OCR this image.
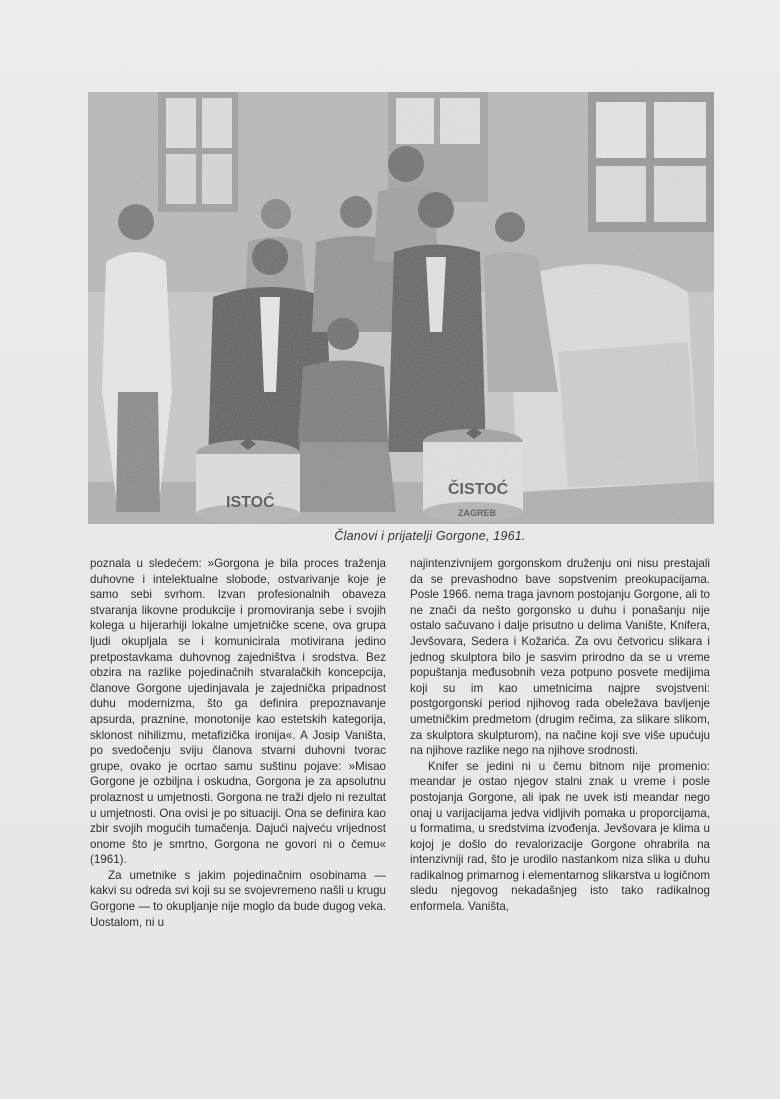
Članovi i prijatelji Gorgone, 1961.

poznala u sledećem: »Gorgona je bila proces traženja duhovne i intelektualne slobode, ostvarivanje koje je samo sebi svrhom. Izvan profesionalnih obaveza stvaranja likovne produkcije i promoviranja sebe i svojih kolega u hijerarhiji lokalne umjetničke scene, ova grupa ljudi okupljala se i komunicirala motivirana jedino pretpostavkama duhovnog zajedništva i srodstva. Bez obzira na razlike pojedinačnih stvaralačkih koncepcija, članove Gorgone ujedinjavala je zajednička pripadnost duhu modernizma, što ga definira prepoznavanje apsurda, praznine, monotonije kao estetskih kategorija, sklonost nihilizmu, metafizička ironija«. A Josip Vaništa, po svedočenju sviju članova stvarni duhovni tvorac grupe, ovako je ocrtao samu suštinu pojave: »Misao Gorgone je ozbiljna i oskudna, Gorgona je za apsolutnu prolaznost u umjetnosti. Gorgona ne traži djelo ni rezultat u umjetnosti. Ona ovisi je po situaciji. Ona se definira kao zbir svojih mogućih tumačenja. Dajući najveću vrijednost onome što je smrtno, Gorgona ne govori ni o čemu« (1961).

Za umetnike s jakim pojedinačnim osobinama — kakvi su odreda svi koji su se svojevremeno našli u krugu Gorgone — to okupljanje nije moglo da bude dugog veka. Uostalom, ni u

najintenzivnijem gorgonskom druženju oni nisu prestajali da se prevashodno bave sopstvenim preokupacijama. Posle 1966. nema traga javnom postojanju Gorgone, ali to ne znači da nešto gorgonsko u duhu i ponašanju nije ostalo sačuvano i dalje prisutno u delima Vanište, Knifera, Jevšovara, Sedera i Kožarića. Za ovu četvoricu slikara i jednog skulptora bilo je sasvim prirodno da se u vreme popuštanja međusobnih veza potpuno posvete medijima koji su im kao umetnicima najpre svojstveni: postgorgonski period njihovog rada obeležava bavljenje umetničkim predmetom (drugim rečima, za slikare slikom, za skulptora skulpturom), na načine koji sve više upućuju na njihove razlike nego na njihove srodnosti.

Knifer se jedini ni u čemu bitnom nije promenio: meandar je ostao njegov stalni znak u vreme i posle postojanja Gorgone, ali ipak ne uvek isti meandar nego onaj u varijacijama jedva vidljivih pomaka u proporcijama, u formatima, u sredstvima izvođenja. Jevšovara je klima u kojoj je došlo do revalorizacije Gorgone ohrabrila na intenzivniji rad, što je urodilo nastankom niza slika u duhu radikalnog primarnog i elementarnog slikarstva u logičnom sledu njegovog nekadašnjeg isto tako radikalnog enformela. Vaništa,
